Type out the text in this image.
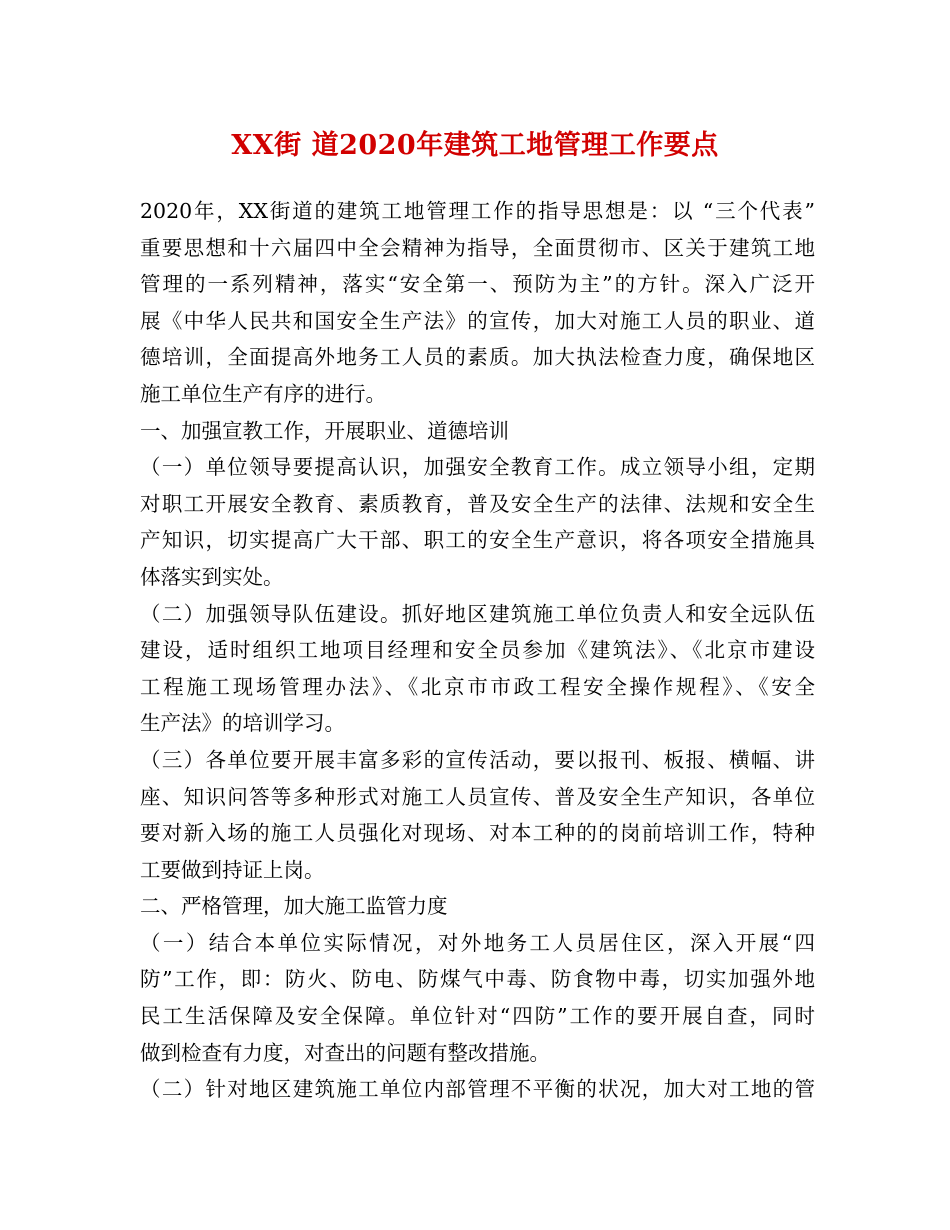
XX街 道2020年建筑工地管理工作要点
2020年，XX街道的建筑工地管理工作的指导思想是：以 “三个代表”
重要思想和十六届四中全会精神为指导，全面贯彻市、区关于建筑工地
管理的一系列精神，落实“安全第一、预防为主”的方针。深入广泛开
展《中华人民共和国安全生产法》的宣传，加大对施工人员的职业、道
德培训，全面提高外地务工人员的素质。加大执法检查力度，确保地区
施工单位生产有序的进行。
一、加强宣教工作，开展职业、道德培训
（一）单位领导要提高认识，加强安全教育工作。成立领导小组，定期
对职工开展安全教育、素质教育，普及安全生产的法律、法规和安全生
产知识，切实提高广大干部、职工的安全生产意识，将各项安全措施具
体落实到实处。
（二）加强领导队伍建设。抓好地区建筑施工单位负责人和安全远队伍
建设，适时组织工地项目经理和安全员参加《建筑法》、《北京市建设
工程施工现场管理办法》、《北京市市政工程安全操作规程》、《安全
生产法》的培训学习。
（三）各单位要开展丰富多彩的宣传活动，要以报刊、板报、横幅、讲
座、知识问答等多种形式对施工人员宣传、普及安全生产知识，各单位
要对新入场的施工人员强化对现场、对本工种的的岗前培训工作，特种
工要做到持证上岗。
二、严格管理，加大施工监管力度
（一）结合本单位实际情况，对外地务工人员居住区，深入开展“四
防”工作，即：防火、防电、防煤气中毒、防食物中毒，切实加强外地
民工生活保障及安全保障。单位针对“四防”工作的要开展自查，同时
做到检查有力度，对查出的问题有整改措施。
（二）针对地区建筑施工单位内部管理不平衡的状况，加大对工地的管
